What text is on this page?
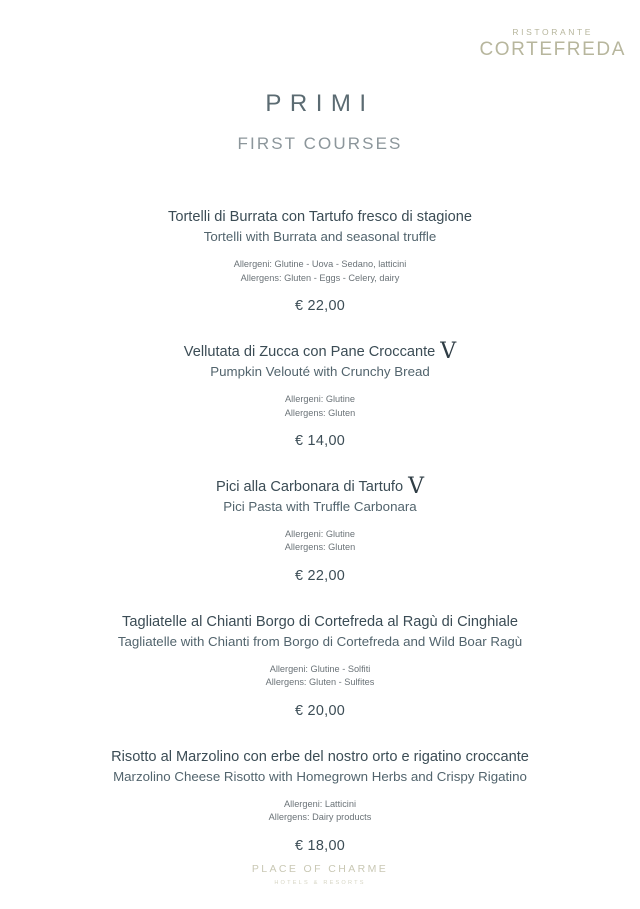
RISTORANTE
CORTEFREDA
PRIMI
FIRST COURSES
Tortelli di Burrata con Tartufo fresco di stagione
Tortelli with Burrata and seasonal truffle
Allergeni: Glutine - Uova - Sedano, latticini
Allergens: Gluten - Eggs - Celery, dairy
€ 22,00
Vellutata di Zucca con Pane Croccante V
Pumpkin Velouté with Crunchy Bread
Allergeni: Glutine
Allergens: Gluten
€ 14,00
Pici alla Carbonara di Tartufo V
Pici Pasta with Truffle Carbonara
Allergeni: Glutine
Allergens: Gluten
€ 22,00
Tagliatelle al Chianti Borgo di Cortefreda al Ragù di Cinghiale
Tagliatelle with Chianti from Borgo di Cortefreda and Wild Boar Ragù
Allergeni: Glutine - Solfiti
Allergens: Gluten - Sulfites
€ 20,00
Risotto al Marzolino con erbe del nostro orto e rigatino croccante
Marzolino Cheese Risotto with Homegrown Herbs and Crispy Rigatino
Allergeni: Latticini
Allergens: Dairy products
€ 18,00
PLACE OF CHARME
HOTELS & RESORTS
